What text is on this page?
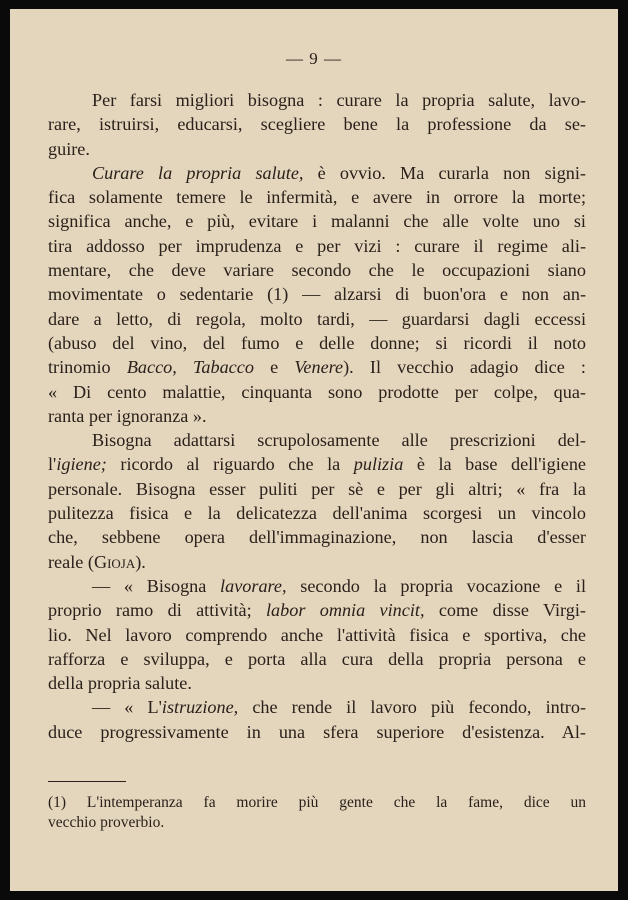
— 9 —
Per farsi migliori bisogna : curare la propria salute, lavo-
rare, istruirsi, educarsi, scegliere bene la professione da se-
guire.
Curare la propria salute, è ovvio. Ma curarla non signi-
fica solamente temere le infermità, e avere in orrore la morte;
significa anche, e più, evitare i malanni che alle volte uno si
tira addosso per imprudenza e per vizi : curare il regime ali-
mentare, che deve variare secondo che le occupazioni siano
movimentate o sedentarie (1) — alzarsi di buon'ora e non an-
dare a letto, di regola, molto tardi, — guardarsi dagli eccessi
(abuso del vino, del fumo e delle donne; si ricordi il noto
trinomio Bacco, Tabacco e Venere). Il vecchio adagio dice :
« Di cento malattie, cinquanta sono prodotte per colpe, qua-
ranta per ignoranza ».
Bisogna adattarsi scrupolosamente alle prescrizioni del-
l'igiene; ricordo al riguardo che la pulizia è la base dell'igiene
personale. Bisogna esser puliti per sè e per gli altri; « fra la
pulitezza fisica e la delicatezza dell'anima scorgesi un vincolo
che, sebbene opera dell'immaginazione, non lascia d'esser
reale (Gioja).
— « Bisogna lavorare, secondo la propria vocazione e il
proprio ramo di attività; labor omnia vincit, come disse Virgi-
lio. Nel lavoro comprendo anche l'attività fisica e sportiva, che
rafforza e sviluppa, e porta alla cura della propria persona e
della propria salute.
— « L'istruzione, che rende il lavoro più fecondo, intro-
duce progressivamente in una sfera superiore d'esistenza. Al-
(1) L'intemperanza fa morire più gente che la fame, dice un
vecchio proverbio.
